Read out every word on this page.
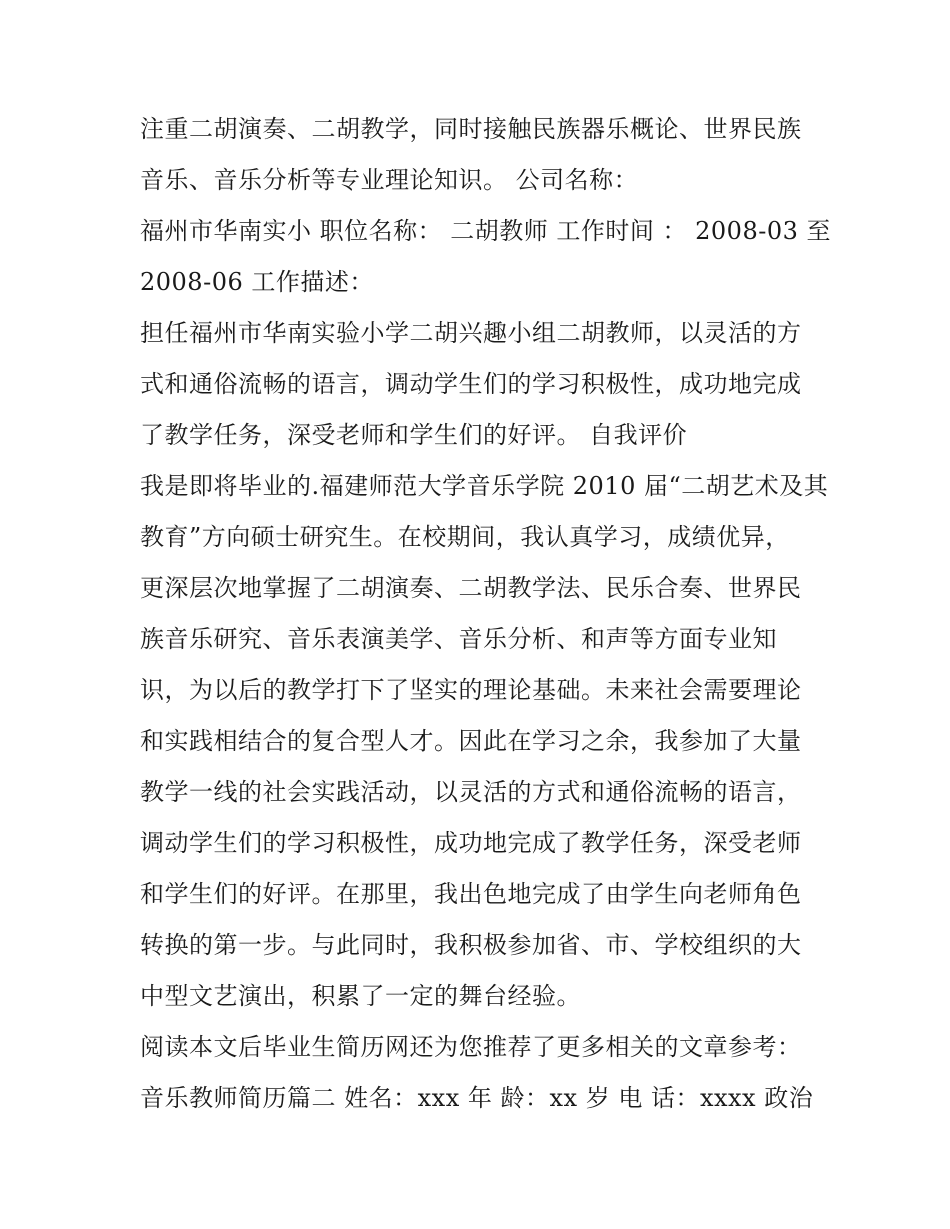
注重二胡演奏、二胡教学，同时接触民族器乐概论、世界民族
音乐、音乐分析等专业理论知识。 公司名称：
福州市华南实小 职位名称： 二胡教师 工作时间 ： 2008-03 至
2008-06 工作描述：
担任福州市华南实验小学二胡兴趣小组二胡教师，以灵活的方
式和通俗流畅的语言，调动学生们的学习积极性，成功地完成
了教学任务，深受老师和学生们的好评。 自我评价
我是即将毕业的.福建师范大学音乐学院 2010 届“二胡艺术及其
教育”方向硕士研究生。在校期间，我认真学习，成绩优异，
更深层次地掌握了二胡演奏、二胡教学法、民乐合奏、世界民
族音乐研究、音乐表演美学、音乐分析、和声等方面专业知
识，为以后的教学打下了坚实的理论基础。未来社会需要理论
和实践相结合的复合型人才。因此在学习之余，我参加了大量
教学一线的社会实践活动，以灵活的方式和通俗流畅的语言，
调动学生们的学习积极性，成功地完成了教学任务，深受老师
和学生们的好评。在那里，我出色地完成了由学生向老师角色
转换的第一步。与此同时，我积极参加省、市、学校组织的大
中型文艺演出，积累了一定的舞台经验。
阅读本文后毕业生简历网还为您推荐了更多相关的文章参考：
音乐教师简历篇二 姓名：xxx 年 龄：xx 岁 电 话：xxxx 政治
